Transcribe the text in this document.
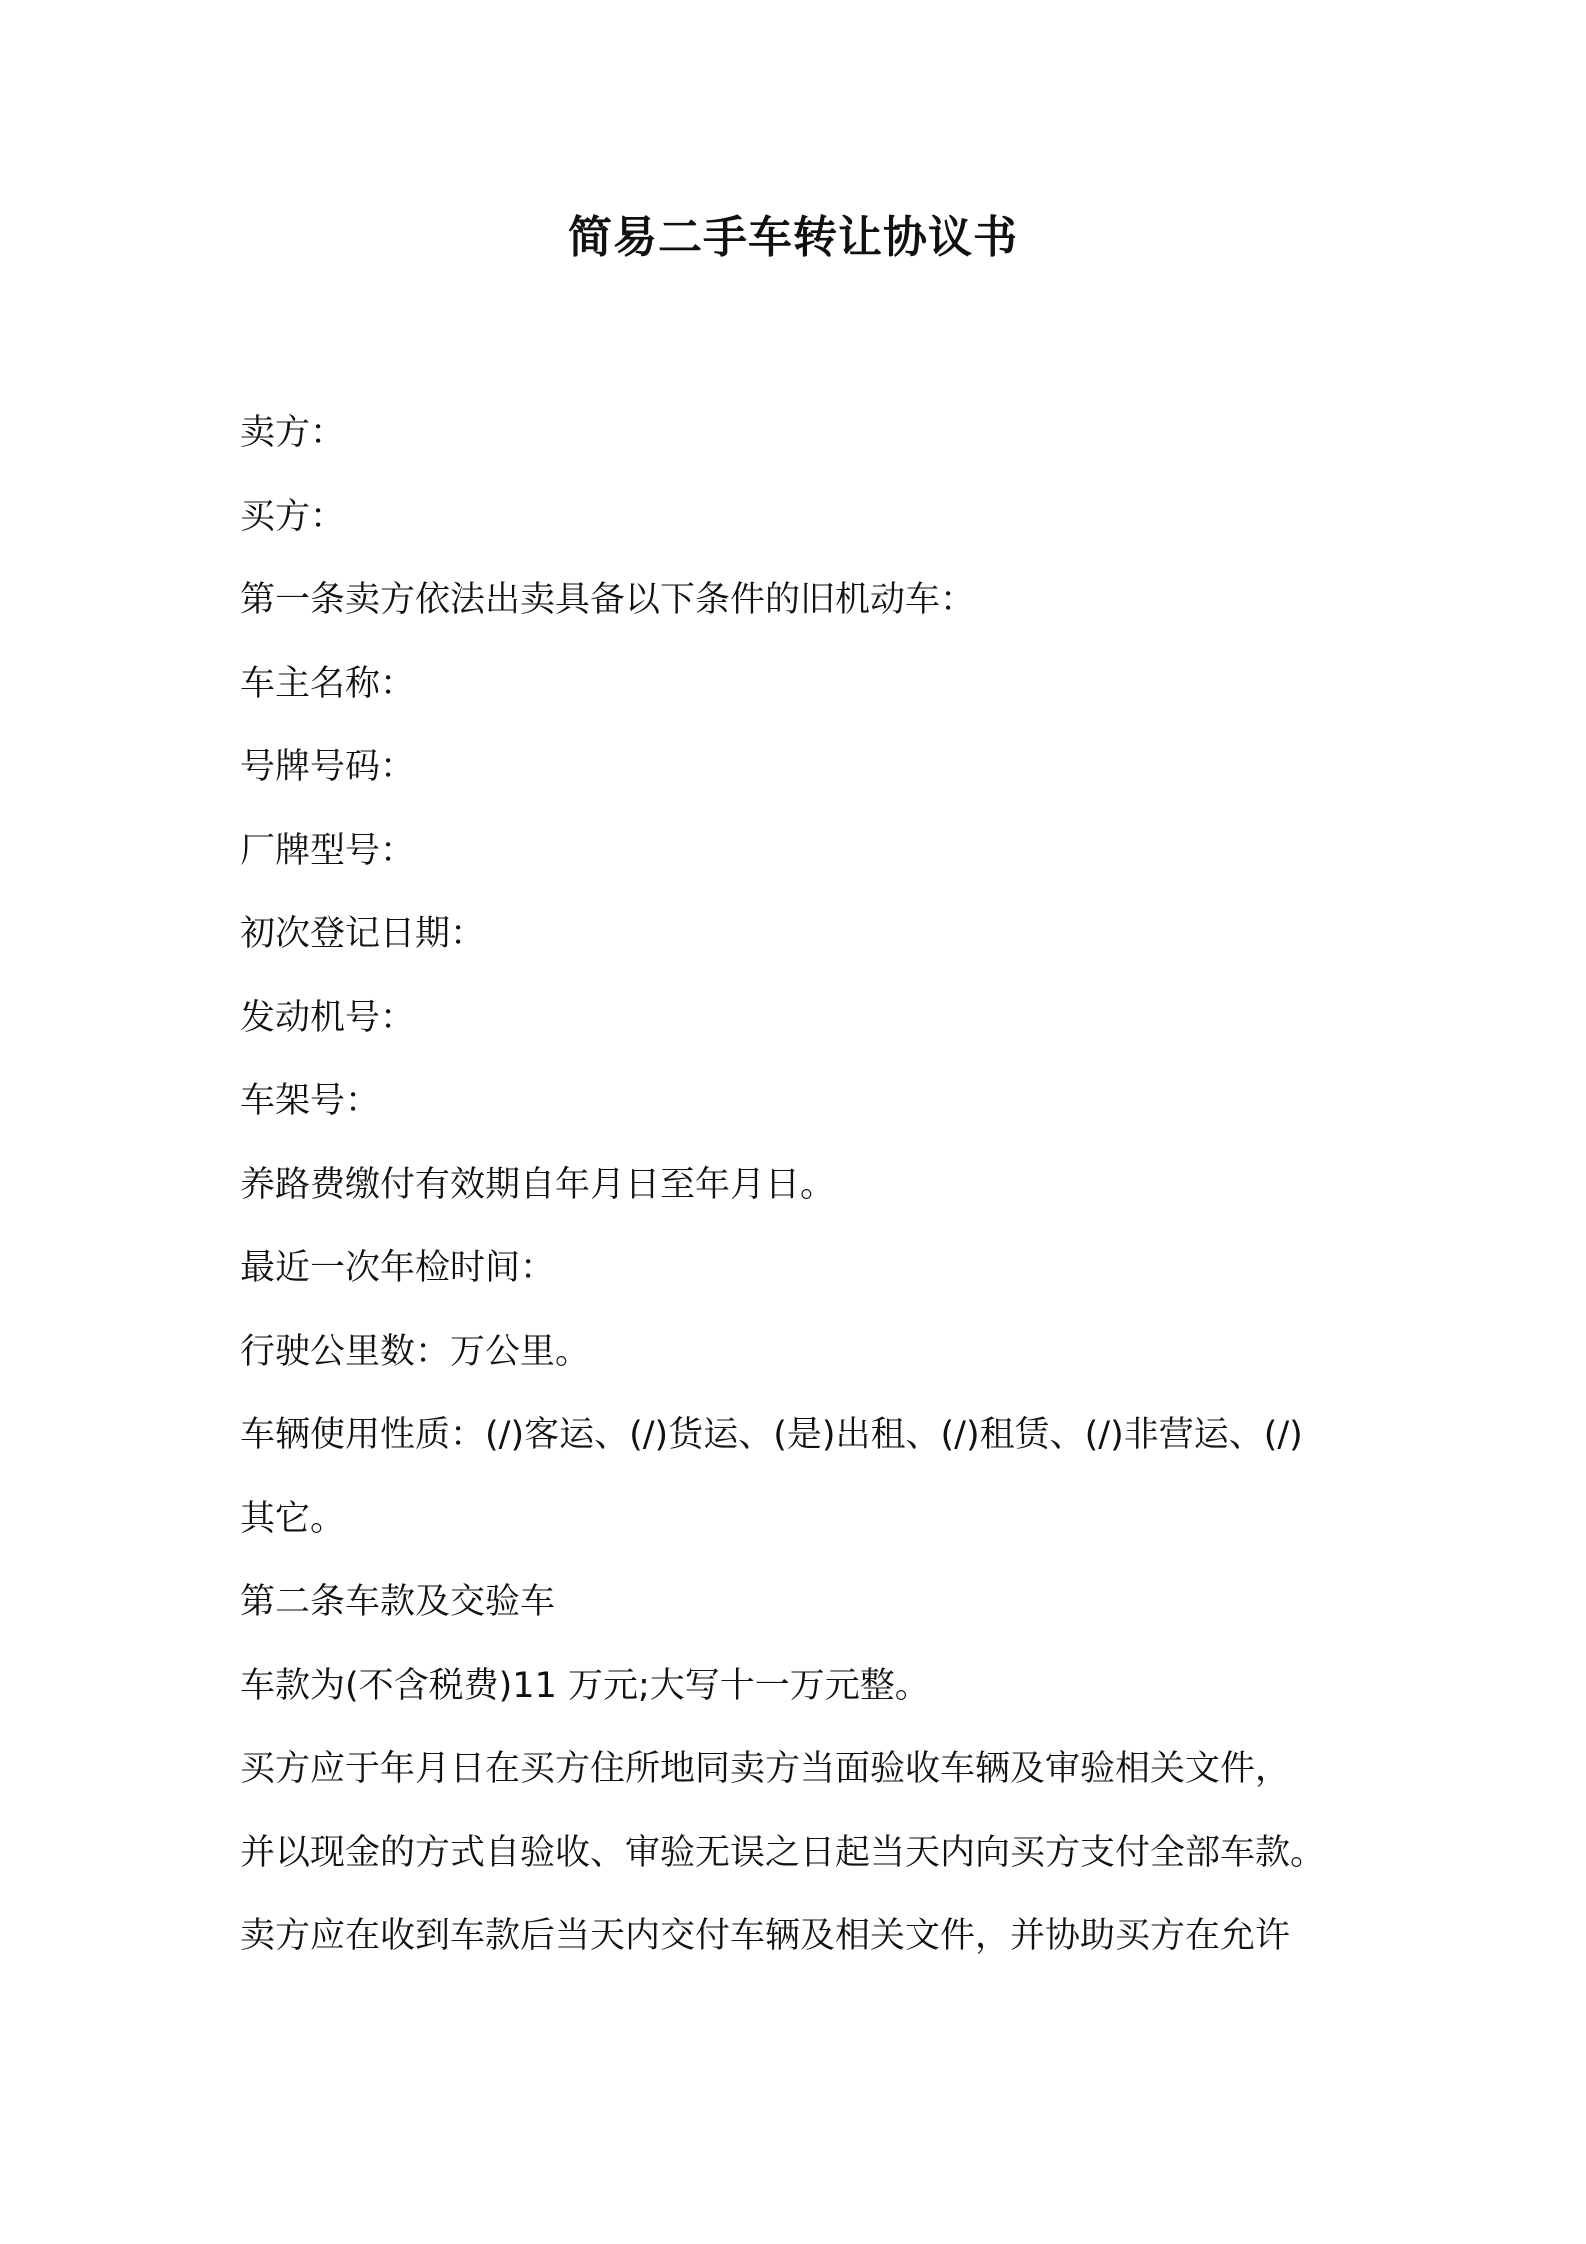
简易二手车转让协议书
卖方：
买方：
第一条卖方依法出卖具备以下条件的旧机动车：
车主名称：
号牌号码：
厂牌型号：
初次登记日期：
发动机号：
车架号：
养路费缴付有效期自年月日至年月日。
最近一次年检时间：
行驶公里数：万公里。
车辆使用性质：(/)客运、(/)货运、(是)出租、(/)租赁、(/)非营运、(/)
其它。
第二条车款及交验车
车款为(不含税费)11 万元;大写十一万元整。
买方应于年月日在买方住所地同卖方当面验收车辆及审验相关文件，
并以现金的方式自验收、审验无误之日起当天内向买方支付全部车款。
卖方应在收到车款后当天内交付车辆及相关文件，并协助买方在允许
